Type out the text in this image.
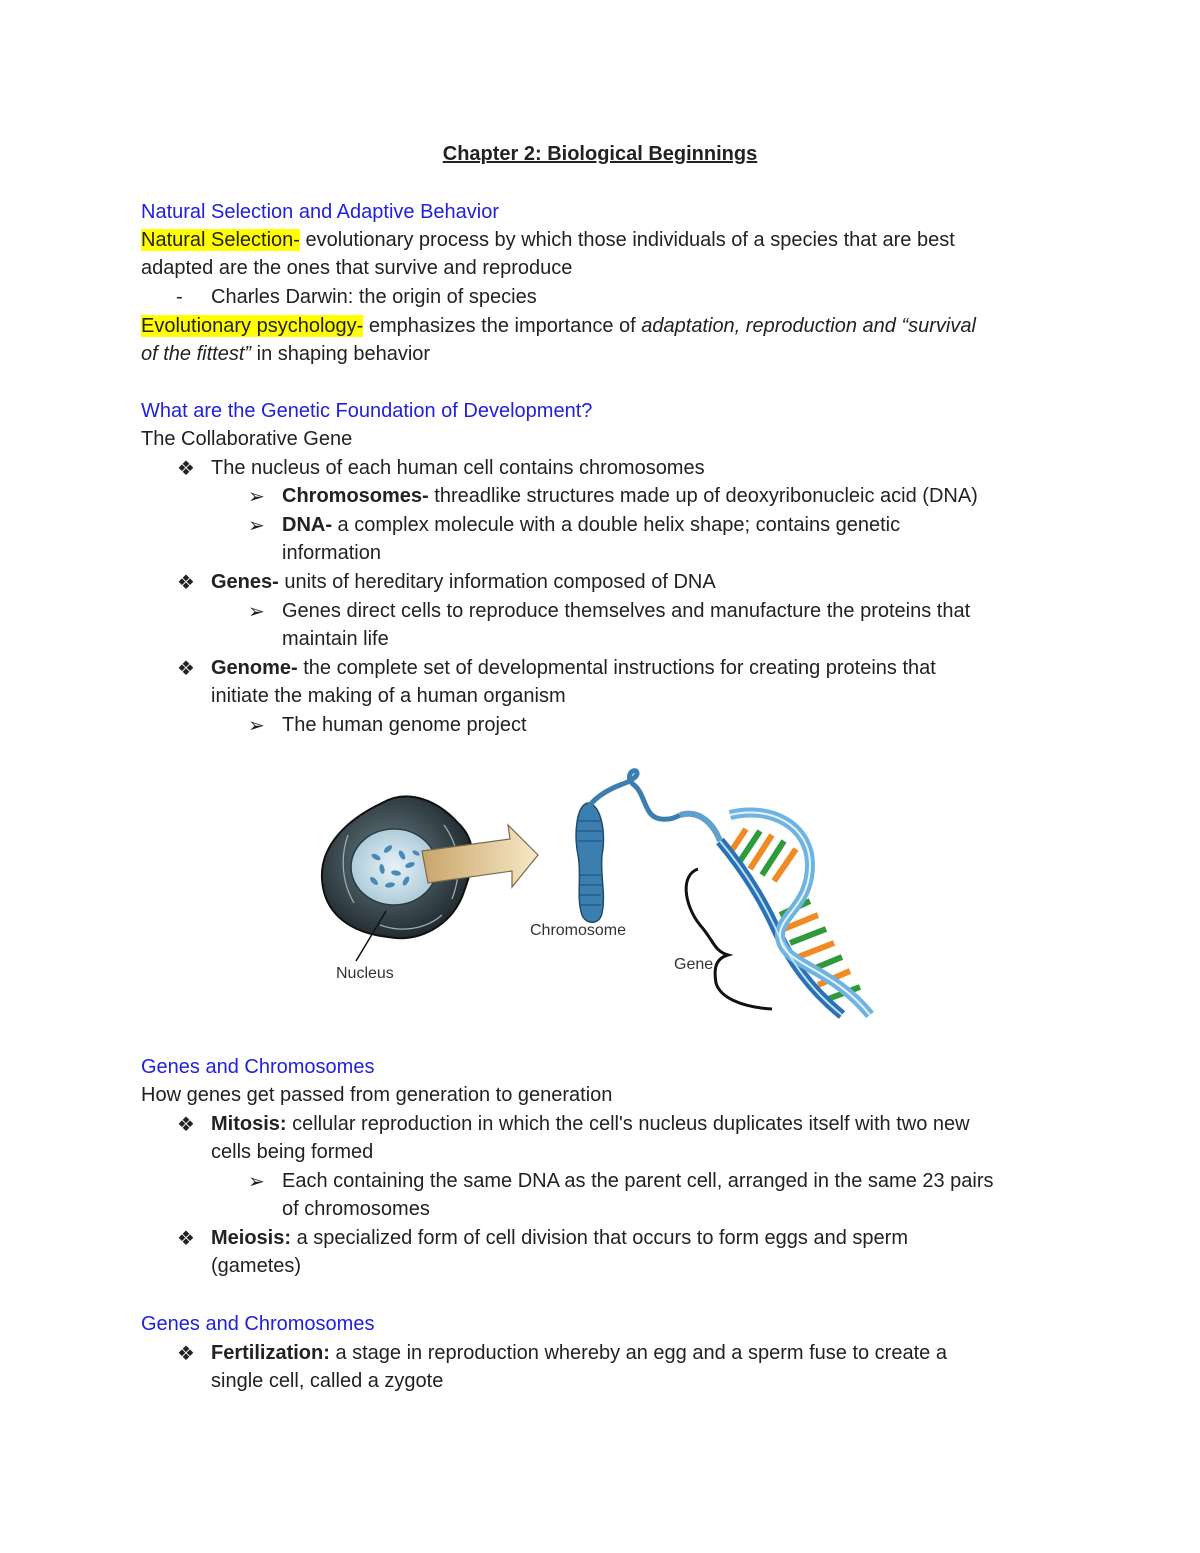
Chapter 2: Biological Beginnings
Natural Selection and Adaptive Behavior
Natural Selection- evolutionary process by which those individuals of a species that are best
adapted are the ones that survive and reproduce
- Charles Darwin: the origin of species
Evolutionary psychology- emphasizes the importance of adaptation, reproduction and “survival
of the fittest” in shaping behavior
What are the Genetic Foundation of Development?
The Collaborative Gene
❖ The nucleus of each human cell contains chromosomes
➢ Chromosomes- threadlike structures made up of deoxyribonucleic acid (DNA)
➢ DNA- a complex molecule with a double helix shape; contains genetic
information
❖ Genes- units of hereditary information composed of DNA
➢ Genes direct cells to reproduce themselves and manufacture the proteins that
maintain life
❖ Genome- the complete set of developmental instructions for creating proteins that
initiate the making of a human organism
➢ The human genome project
Chromosome
Gene
Nucleus
Genes and Chromosomes
How genes get passed from generation to generation
❖ Mitosis: cellular reproduction in which the cell's nucleus duplicates itself with two new
cells being formed
➢ Each containing the same DNA as the parent cell, arranged in the same 23 pairs
of chromosomes
❖ Meiosis: a specialized form of cell division that occurs to form eggs and sperm
(gametes)
Genes and Chromosomes
❖ Fertilization: a stage in reproduction whereby an egg and a sperm fuse to create a
single cell, called a zygote
